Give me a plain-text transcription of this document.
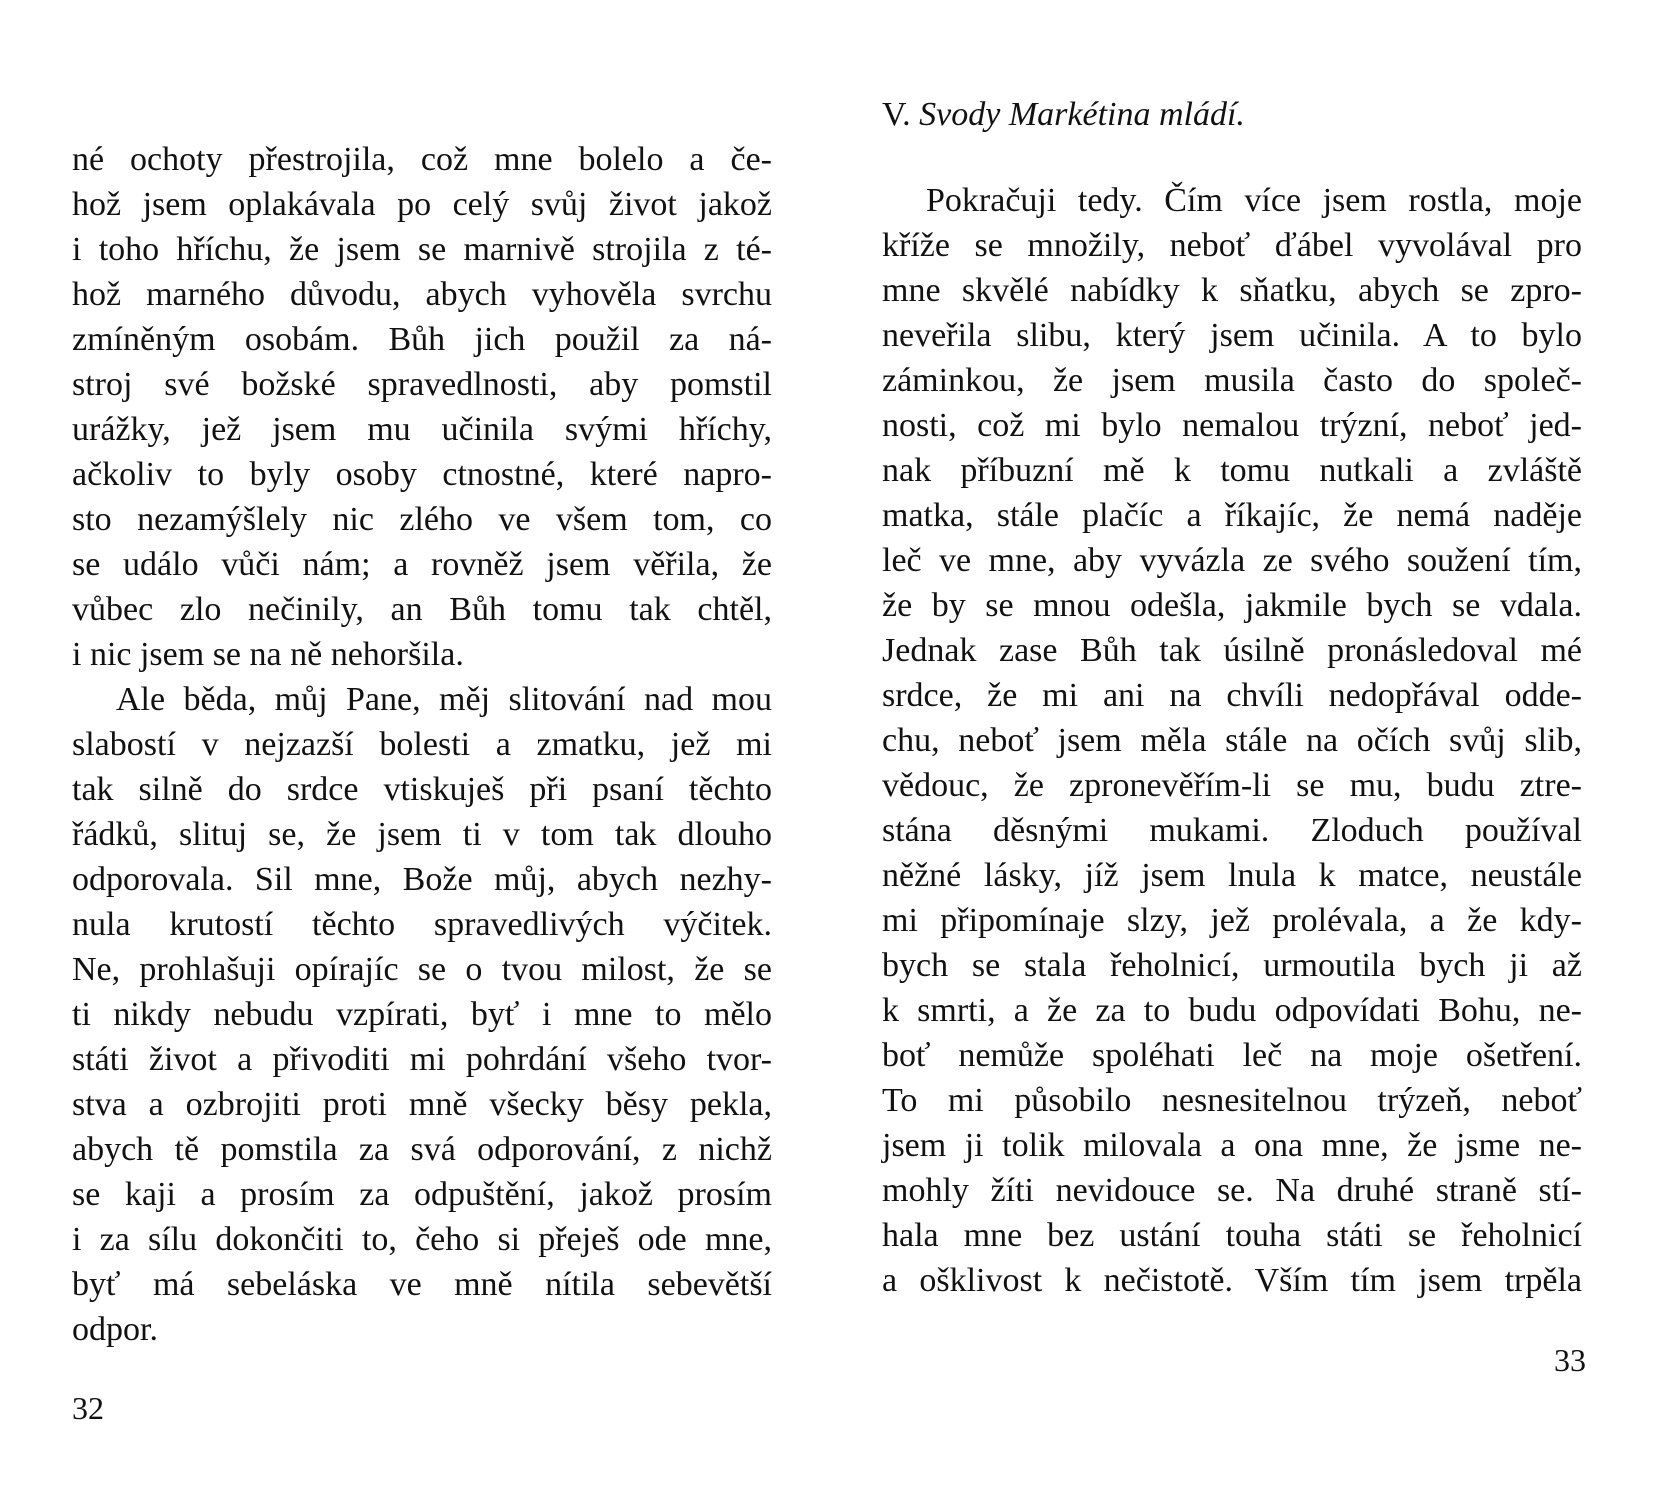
né ochoty přestrojila, což mne bolelo a če-
hož jsem oplakávala po celý svůj život jakož
i toho hříchu, že jsem se marnivě strojila z té-
hož marného důvodu, abych vyhověla svrchu
zmíněným osobám. Bůh jich použil za ná-
stroj své božské spravedlnosti, aby pomstil
urážky, jež jsem mu učinila svými hříchy,
ačkoliv to byly osoby ctnostné, které napro-
sto nezamýšlely nic zlého ve všem tom, co
se událo vůči nám; a rovněž jsem věřila, že
vůbec zlo nečinily, an Bůh tomu tak chtěl,
i nic jsem se na ně nehoršila.
Ale běda, můj Pane, měj slitování nad mou
slabostí v nejzazší bolesti a zmatku, jež mi
tak silně do srdce vtiskuješ při psaní těchto
řádků, slituj se, že jsem ti v tom tak dlouho
odporovala. Sil mne, Bože můj, abych nezhy-
nula krutostí těchto spravedlivých výčitek.
Ne, prohlašuji opírajíc se o tvou milost, že se
ti nikdy nebudu vzpírati, byť i mne to mělo
státi život a přivoditi mi pohrdání všeho tvor-
stva a ozbrojiti proti mně všecky běsy pekla,
abych tě pomstila za svá odporování, z nichž
se kaji a prosím za odpuštění, jakož prosím
i za sílu dokončiti to, čeho si přeješ ode mne,
byť má sebeláska ve mně nítila sebevětší
odpor.
32
V. Svody Markétina mládí.
Pokračuji tedy. Čím více jsem rostla, moje
kříže se množily, neboť ďábel vyvolával pro
mne skvělé nabídky k sňatku, abych se zpro-
neveřila slibu, který jsem učinila. A to bylo
záminkou, že jsem musila často do společ-
nosti, což mi bylo nemalou trýzní, neboť jed-
nak příbuzní mě k tomu nutkali a zvláště
matka, stále plačíc a říkajíc, že nemá naděje
leč ve mne, aby vyvázla ze svého soužení tím,
že by se mnou odešla, jakmile bych se vdala.
Jednak zase Bůh tak úsilně pronásledoval mé
srdce, že mi ani na chvíli nedopřával odde-
chu, neboť jsem měla stále na očích svůj slib,
vědouc, že zpronevěřím-li se mu, budu ztre-
stána děsnými mukami. Zloduch používal
něžné lásky, jíž jsem lnula k matce, neustále
mi připomínaje slzy, jež prolévala, a že kdy-
bych se stala řeholnicí, urmoutila bych ji až
k smrti, a že za to budu odpovídati Bohu, ne-
boť nemůže spoléhati leč na moje ošetření.
To mi působilo nesnesitelnou trýzeň, neboť
jsem ji tolik milovala a ona mne, že jsme ne-
mohly žíti nevidouce se. Na druhé straně stí-
hala mne bez ustání touha státi se řeholnicí
a ošklivost k nečistotě. Vším tím jsem trpěla
33
